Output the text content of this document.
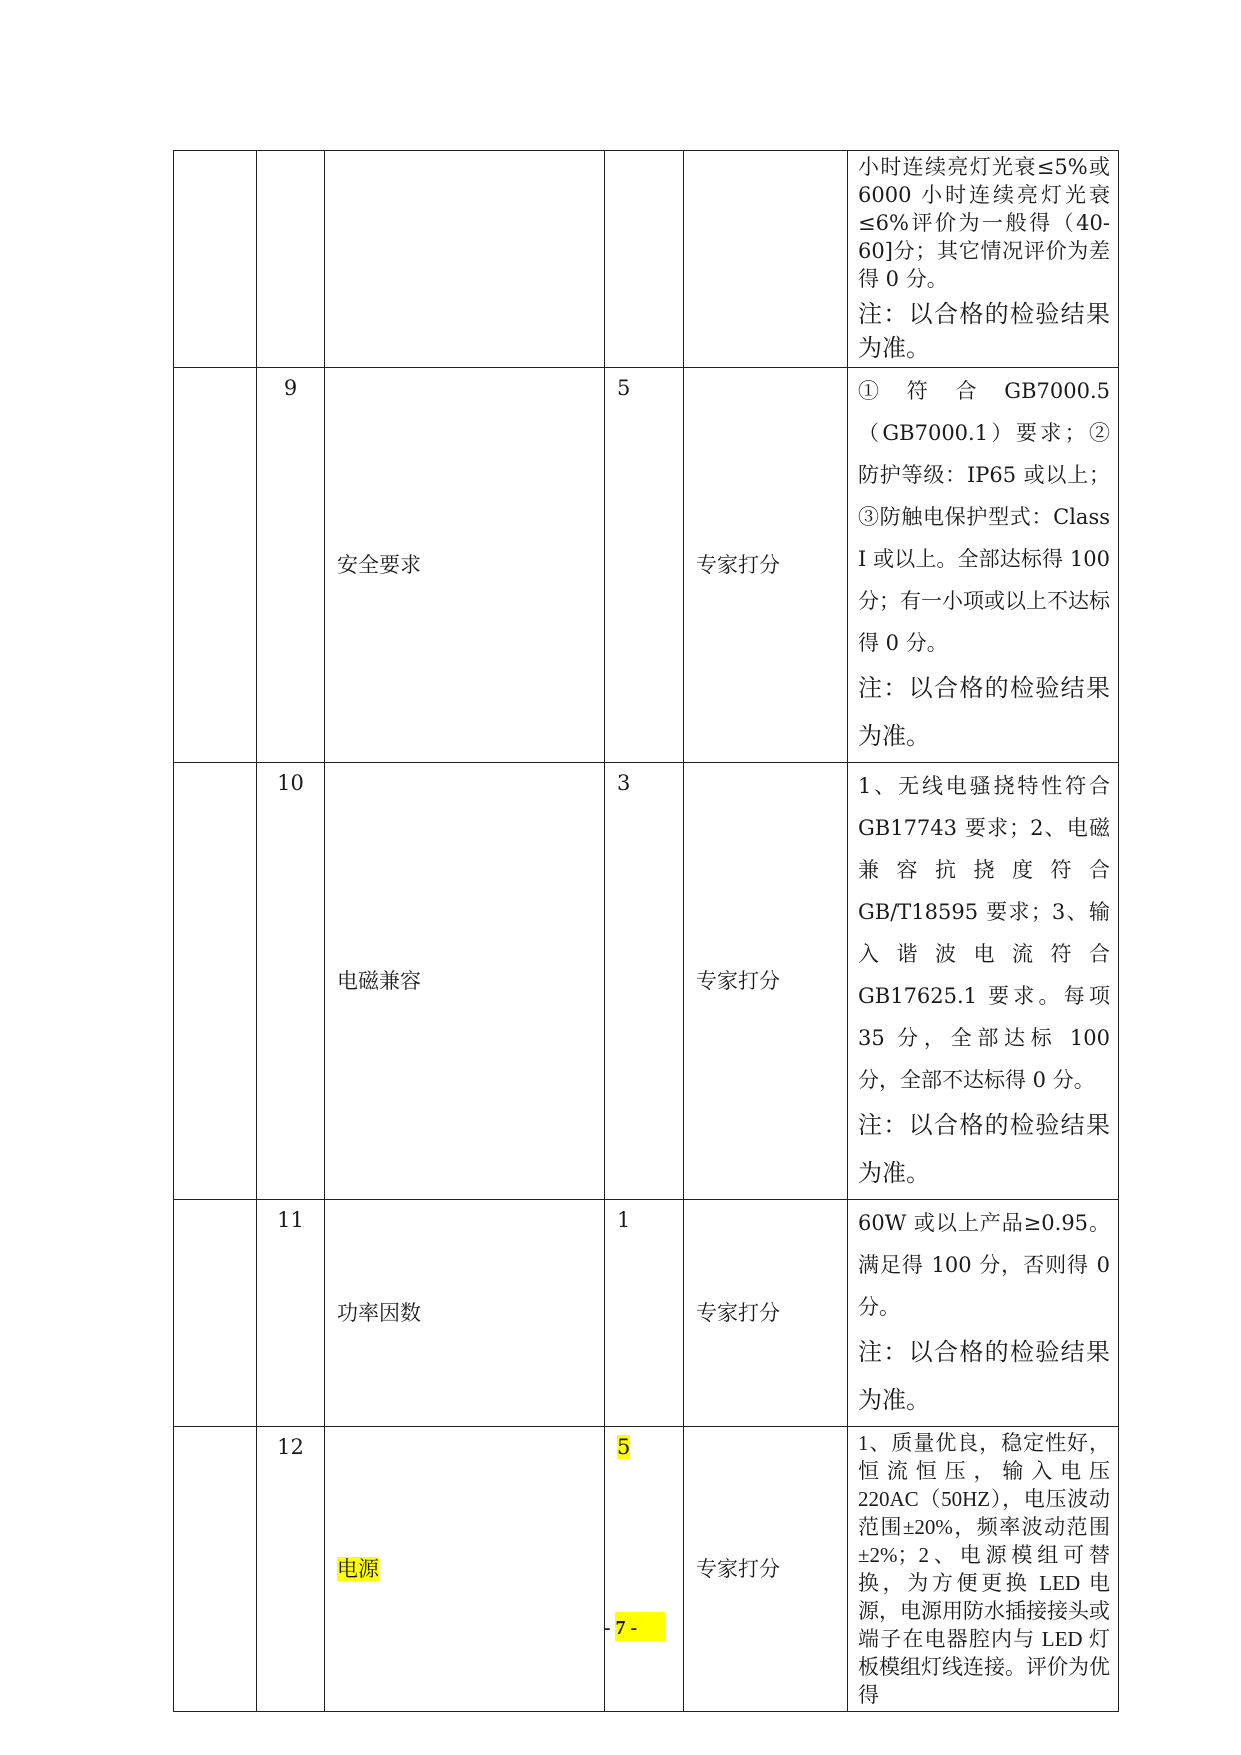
					小时连续亮灯光衰≤5%或6000 小时连续亮灯光衰≤6%评价为一般得（40-60]分；其它情况评价为差得 0 分。
注：以合格的检验结果为准。

	9	安全要求	5	专家打分	① 符 合 GB7000.5（GB7000.1）要求；②防护等级：IP65 或以上；③防触电保护型式：Class I 或以上。全部达标得 100 分；有一小项或以上不达标得 0 分。
注：以合格的检验结果为准。

	10	电磁兼容	3	专家打分	1、无线电骚挠特性符合 GB17743 要求；2、电磁兼容抗挠度符合 GB/T18595 要求；3、输入谐波电流符合 GB17625.1 要求。每项 35 分，全部达标 100 分，全部不达标得 0 分。
注：以合格的检验结果为准。

	11	功率因数	1	专家打分	60W 或以上产品≥0.95。满足得 100 分，否则得 0 分。
注：以合格的检验结果为准。

	12	电源	5	专家打分	1、质量优良，稳定性好，恒流恒压，输入电压 220AC（50HZ），电压波动范围±20%，频率波动范围±2%；2、电源模组可替换，为方便更换 LED 电源，电源用防水插接接头或端子在电器腔内与 LED 灯板模组灯线连接。评价为优得
- 7 -
